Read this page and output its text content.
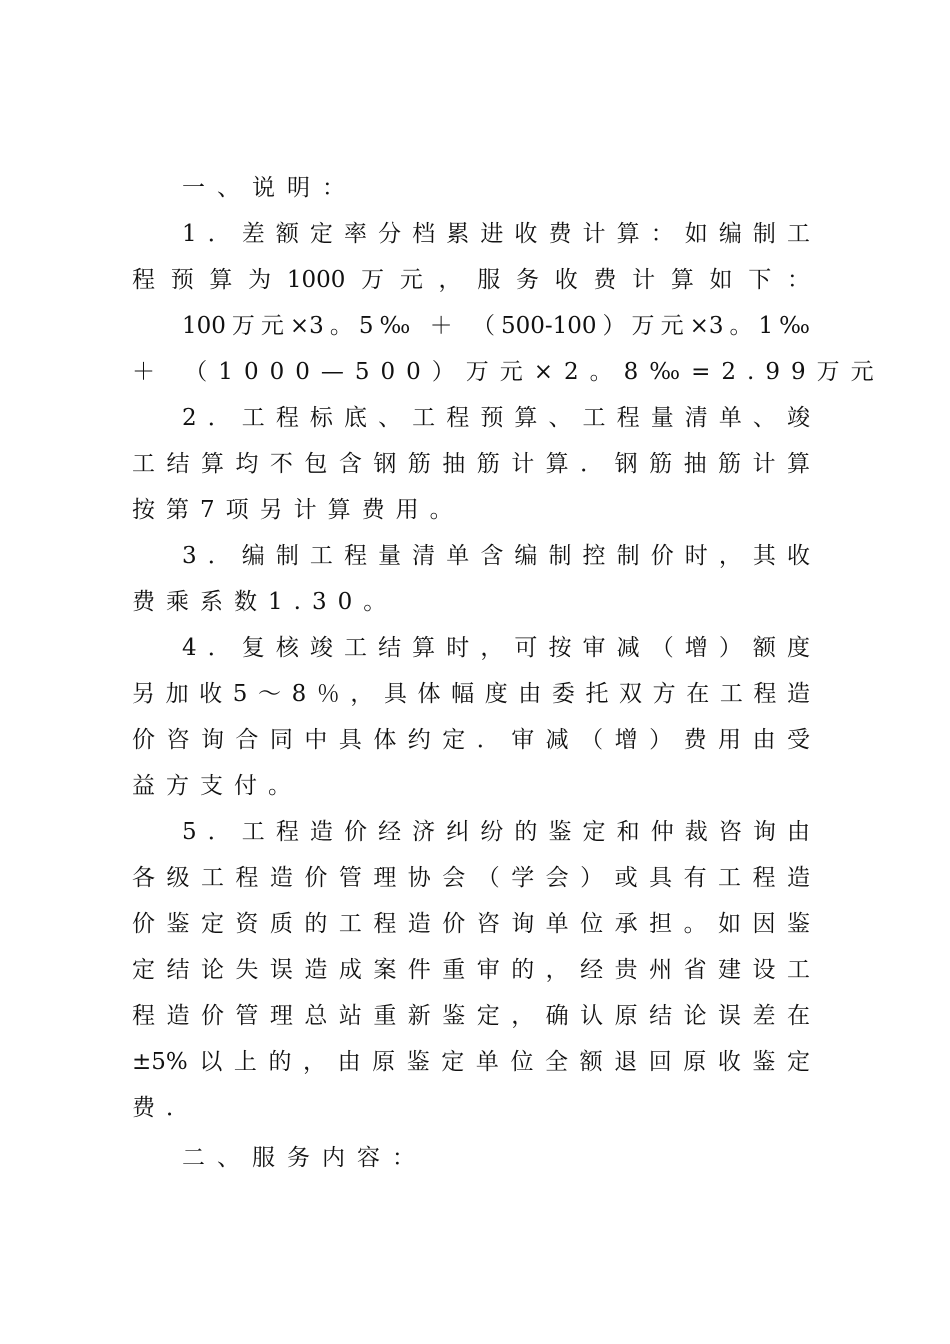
一、说明：
1．差额定率分档累进收费计算：如编制工
程预算为1000万元，服务收费计算如下：
100万元×3。5‰ ＋ （500-100）万元×3。1‰
＋ （1000—500）万元×2。8‰=2.99万元
2．工程标底、工程预算、工程量清单、竣
工结算均不包含钢筋抽筋计算．钢筋抽筋计算
按第7项另计算费用。
3．编制工程量清单含编制控制价时，其收
费乘系数1.30。
4．复核竣工结算时，可按审减（增）额度
另加收5～8％，具体幅度由委托双方在工程造
价咨询合同中具体约定．审减（增）费用由受
益方支付。
5．工程造价经济纠纷的鉴定和仲裁咨询由
各级工程造价管理协会（学会）或具有工程造
价鉴定资质的工程造价咨询单位承担。如因鉴
定结论失误造成案件重审的，经贵州省建设工
程造价管理总站重新鉴定，确认原结论误差在
±5%以上的，由原鉴定单位全额退回原收鉴定
费．
二、服务内容：
